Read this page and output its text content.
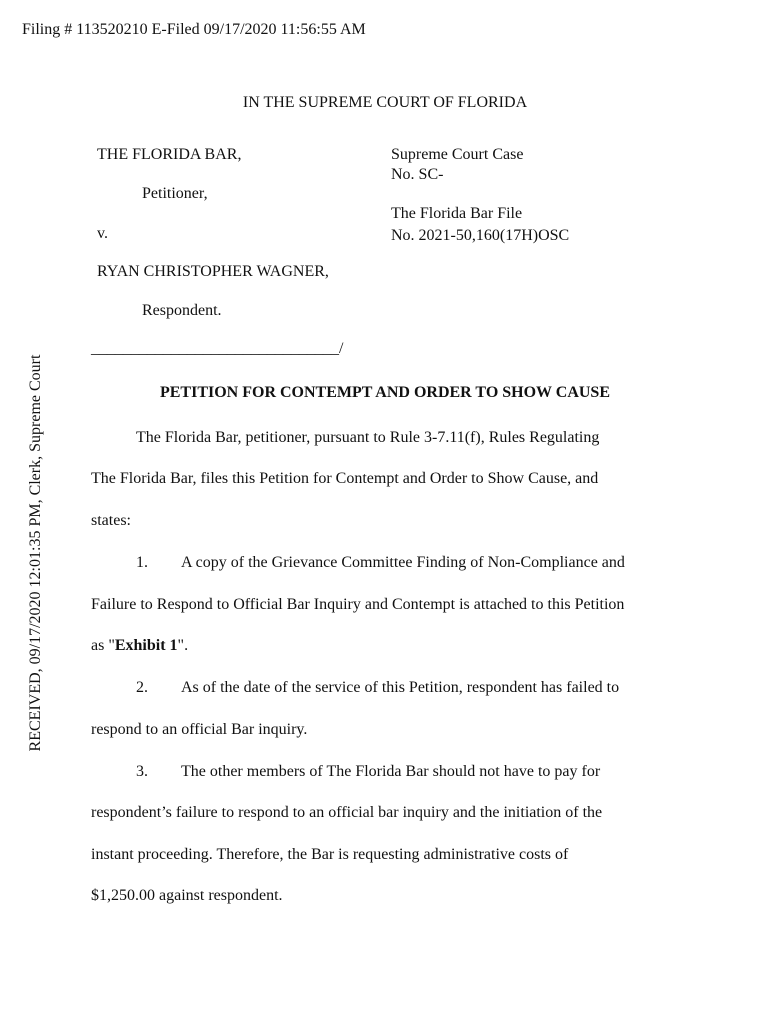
Filing # 113520210 E-Filed 09/17/2020 11:56:55 AM
RECEIVED, 09/17/2020 12:01:35 PM, Clerk, Supreme Court
IN THE SUPREME COURT OF FLORIDA
THE FLORIDA BAR,
Petitioner,
v.
RYAN CHRISTOPHER WAGNER,
Respondent.
_______________________________/
Supreme Court Case
No. SC-
The Florida Bar File
No. 2021-50,160(17H)OSC
PETITION FOR CONTEMPT AND ORDER TO SHOW CAUSE
The Florida Bar, petitioner, pursuant to Rule 3-7.11(f), Rules Regulating
The Florida Bar, files this Petition for Contempt and Order to Show Cause, and
states:
1. A copy of the Grievance Committee Finding of Non-Compliance and
Failure to Respond to Official Bar Inquiry and Contempt is attached to this Petition
as "Exhibit 1".
2. As of the date of the service of this Petition, respondent has failed to
respond to an official Bar inquiry.
3. The other members of The Florida Bar should not have to pay for
respondent’s failure to respond to an official bar inquiry and the initiation of the
instant proceeding. Therefore, the Bar is requesting administrative costs of
$1,250.00 against respondent.
